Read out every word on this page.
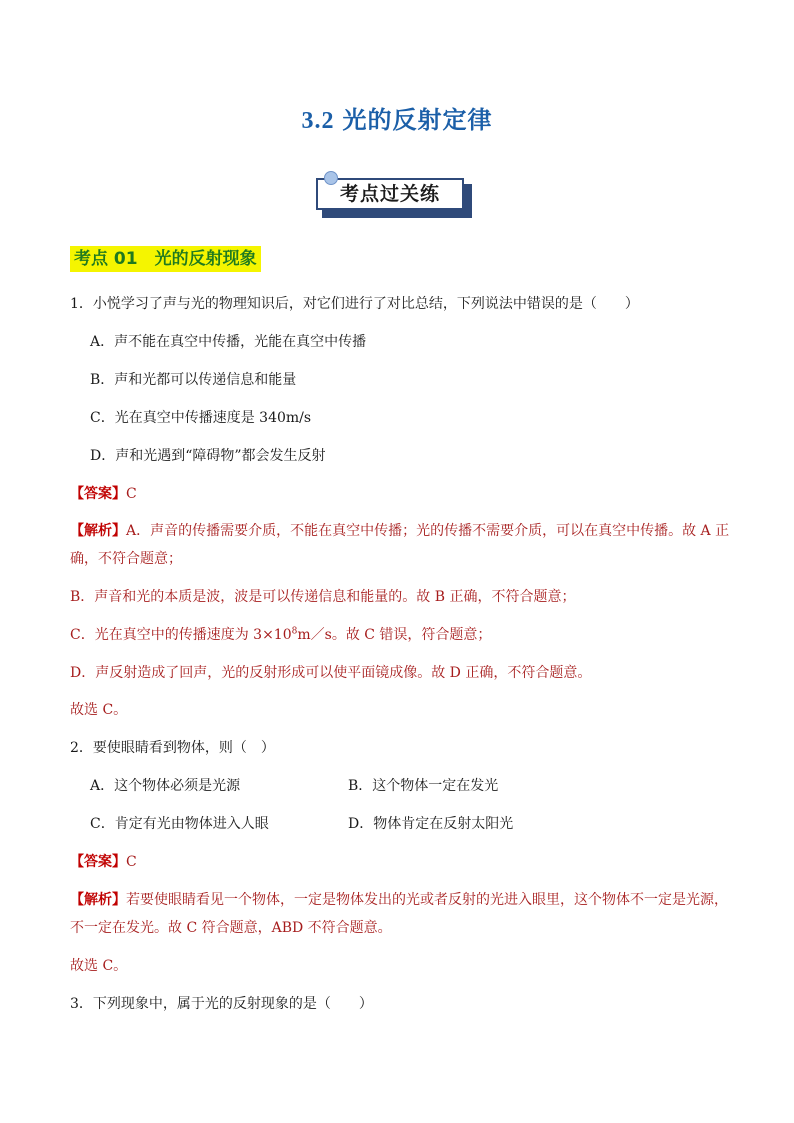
3.2 光的反射定律
考点过关练
考点 01　光的反射现象
1．小悦学习了声与光的物理知识后，对它们进行了对比总结，下列说法中错误的是（　　）
A．声不能在真空中传播，光能在真空中传播
B．声和光都可以传递信息和能量
C．光在真空中传播速度是 340m/s
D．声和光遇到“障碍物”都会发生反射
【答案】C
【解析】A．声音的传播需要介质，不能在真空中传播；光的传播不需要介质，可以在真空中传播。故 A 正确，不符合题意；
B．声音和光的本质是波，波是可以传递信息和能量的。故 B 正确，不符合题意；
C．光在真空中的传播速度为 $3\times 10^8m/s$。故 C 错误，符合题意；
D．声反射造成了回声，光的反射形成可以使平面镜成像。故 D 正确，不符合题意。
故选 C。
2．要使眼睛看到物体，则（　）
A．这个物体必须是光源	B．这个物体一定在发光
C．肯定有光由物体进入人眼	D．物体肯定在反射太阳光
【答案】C
【解析】若要使眼睛看见一个物体，一定是物体发出的光或者反射的光进入眼里，这个物体不一定是光源，不一定在发光。故 C 符合题意，ABD 不符合题意。
故选 C。
3．下列现象中，属于光的反射现象的是（　　）
